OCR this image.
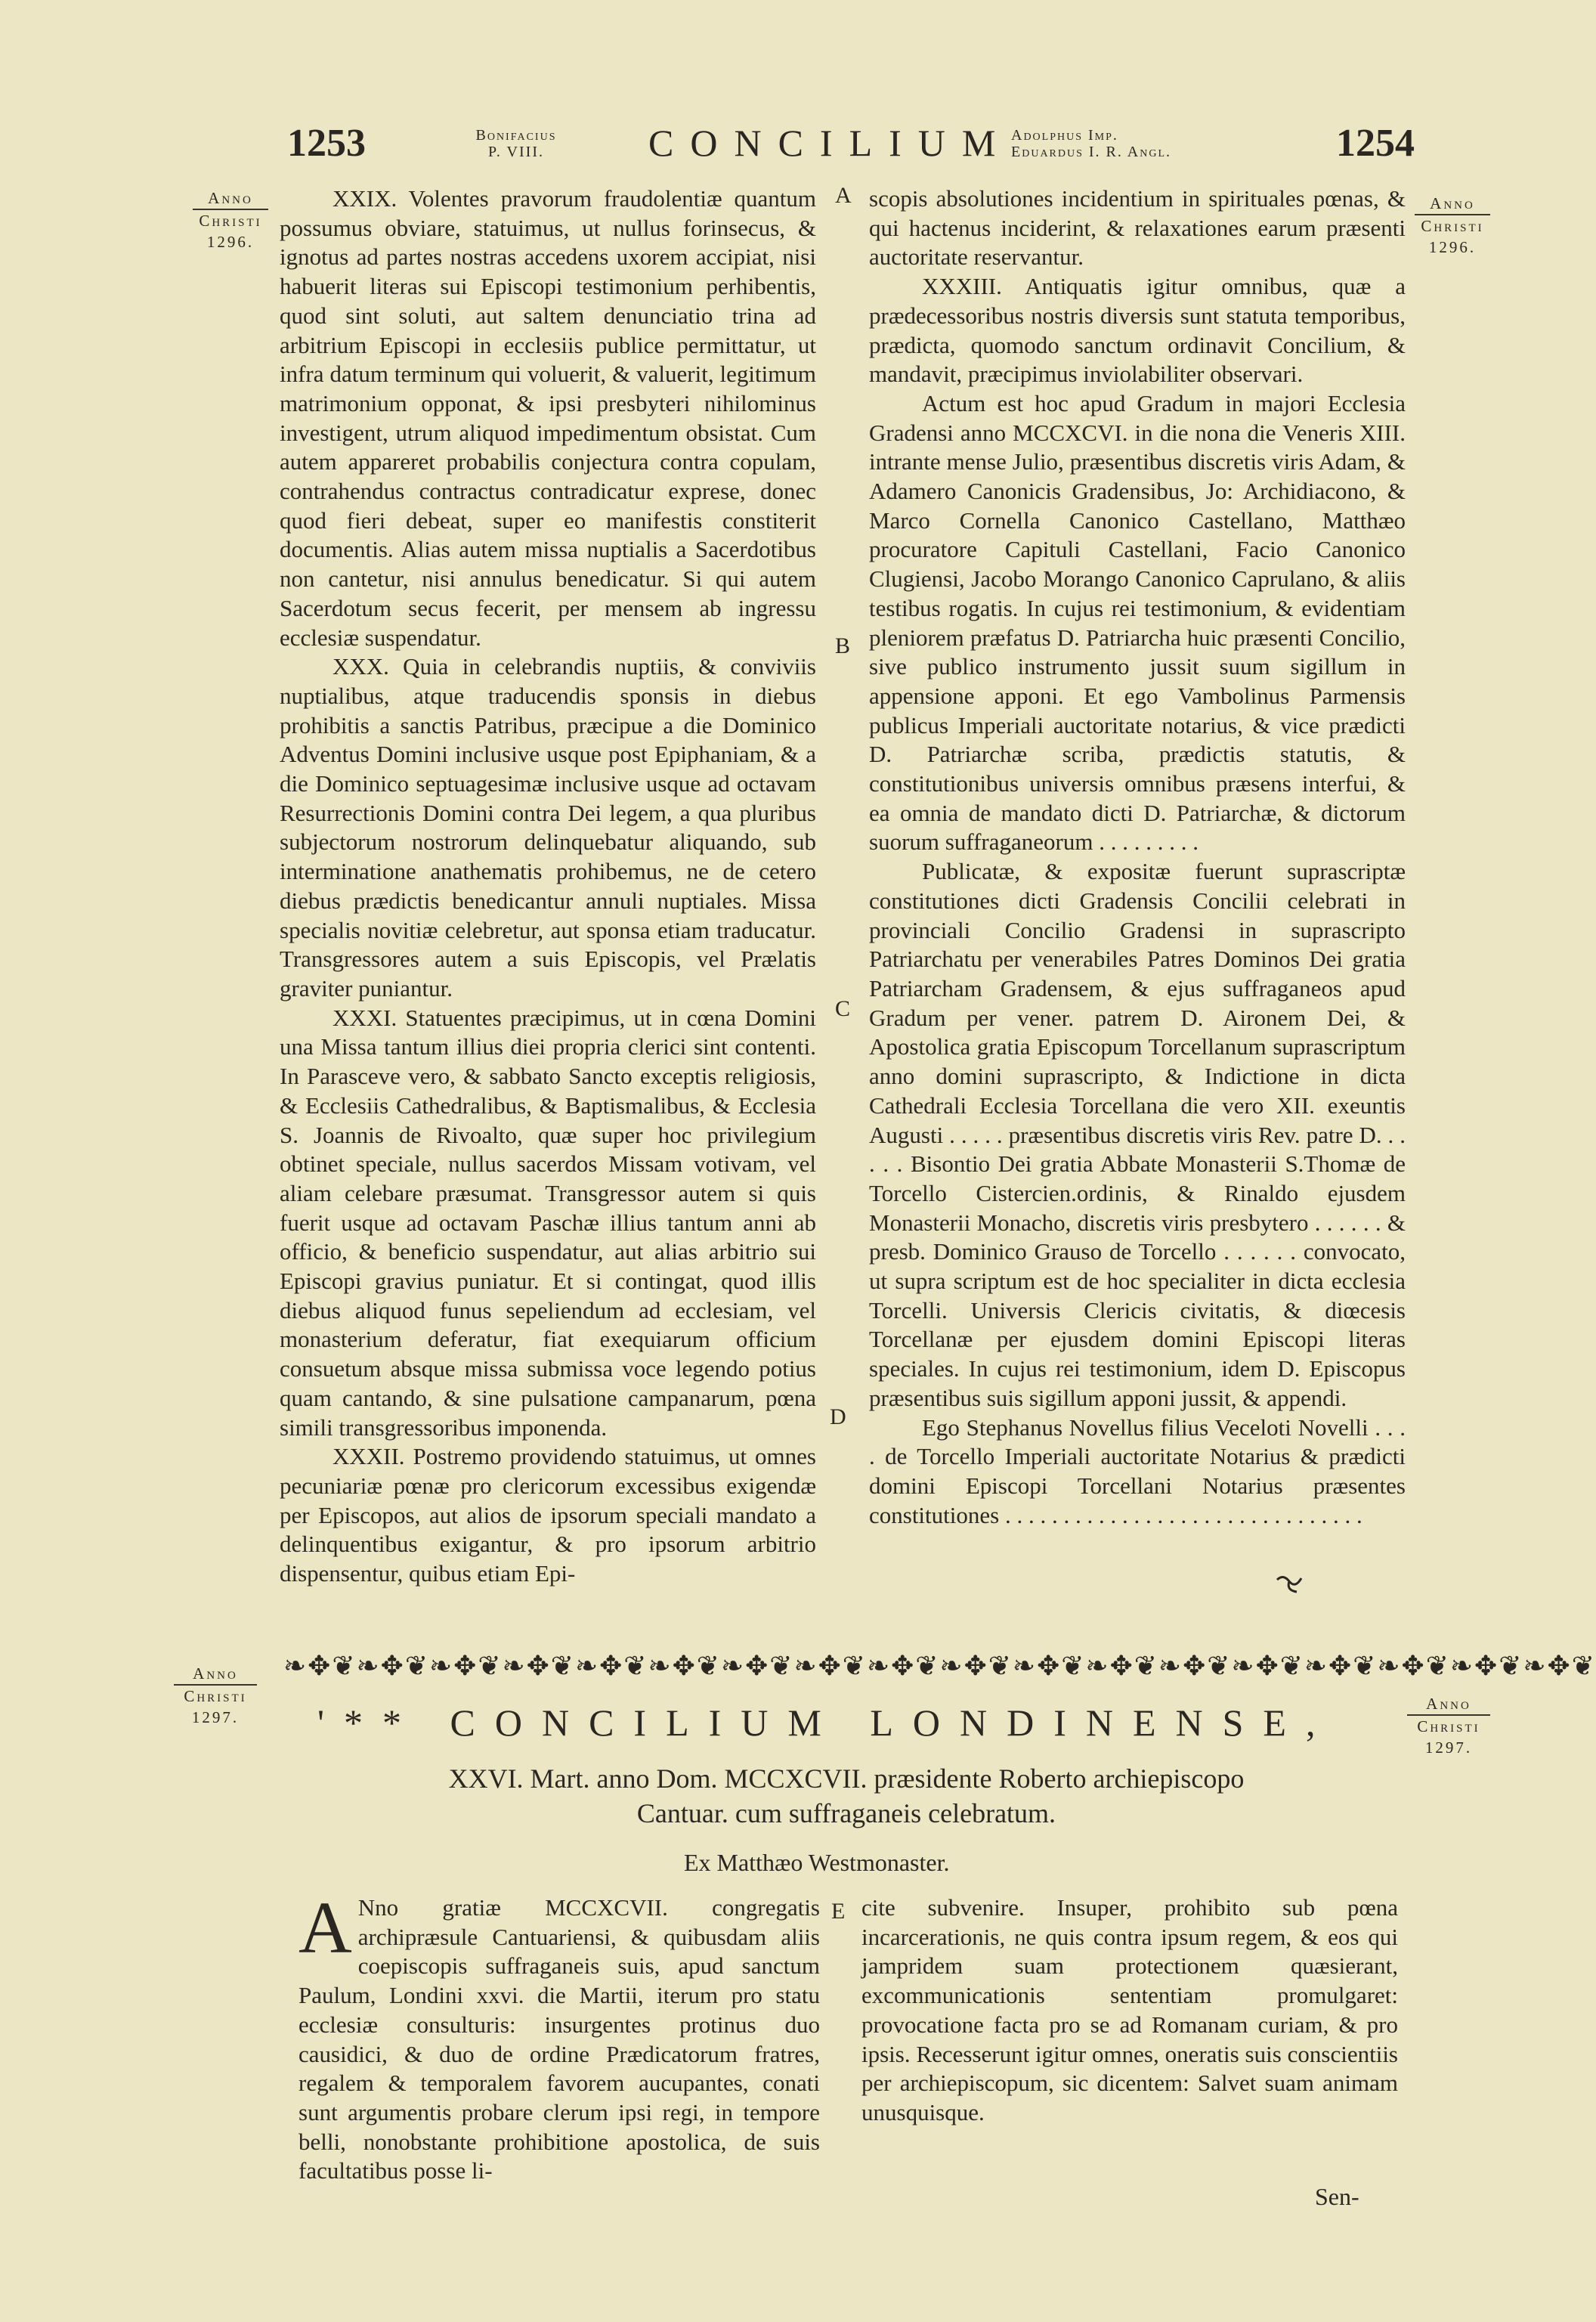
1253	Bonifacius
P. VIII.	CONCILIUM
Adolphus Imp.
Eduardus I. R. Angl.	1254
Anno
Christi
1296.
Anno
Christi
1296.
A
B
C
D
E

XXIX. Volentes pravorum fraudolentiæ quantum possumus obviare, statuimus, ut nullus forinsecus, & ignotus ad partes nostras accedens uxorem accipiat, nisi habuerit literas sui Episcopi testimonium perhibentis, quod sint soluti, aut saltem denunciatio trina ad arbitrium Episcopi in ecclesiis publice permittatur, ut infra datum terminum qui voluerit, & valuerit, legitimum matrimonium opponat, & ipsi presbyteri nihilominus investigent, utrum aliquod impedimentum obsistat. Cum autem appareret probabilis conjectura contra copulam, contrahendus contractus contradicatur exprese, donec quod fieri debeat, super eo manifestis constiterit documentis. Alias autem missa nuptialis a Sacerdotibus non cantetur, nisi annulus benedicatur. Si qui autem Sacerdotum secus fecerit, per mensem ab ingressu ecclesiæ suspendatur.

XXX. Quia in celebrandis nuptiis, & conviviis nuptialibus, atque traducendis sponsis in diebus prohibitis a sanctis Patribus, præcipue a die Dominico Adventus Domini inclusive usque post Epiphaniam, & a die Dominico septuagesimæ inclusive usque ad octavam Resurrectionis Domini contra Dei legem, a qua pluribus subjectorum nostrorum delinquebatur aliquando, sub interminatione anathematis prohibemus, ne de cetero diebus prædictis benedicantur annuli nuptiales. Missa specialis novitiæ celebretur, aut sponsa etiam traducatur. Transgressores autem a suis Episcopis, vel Prælatis graviter puniantur.

XXXI. Statuentes præcipimus, ut in cœna Domini una Missa tantum illius diei propria clerici sint contenti. In Parasceve vero, & sabbato Sancto exceptis religiosis, & Ecclesiis Cathedralibus, & Baptismalibus, & Ecclesia S. Joannis de Rivoalto, quæ super hoc privilegium obtinet speciale, nullus sacerdos Missam votivam, vel aliam celebare præsumat. Transgressor autem si quis fuerit usque ad octavam Paschæ illius tantum anni ab officio, & beneficio suspendatur, aut alias arbitrio sui Episcopi gravius puniatur. Et si contingat, quod illis diebus aliquod funus sepeliendum ad ecclesiam, vel monasterium deferatur, fiat exequiarum officium consuetum absque missa submissa voce legendo potius quam cantando, & sine pulsatione campanarum, pœna simili transgressoribus imponenda.

XXXII. Postremo providendo statuimus, ut omnes pecuniariæ pœnæ pro clericorum excessibus exigendæ per Episcopos, aut alios de ipsorum speciali mandato a delinquentibus exigantur, & pro ipsorum arbitrio dispensentur, quibus etiam Epi-

scopis absolutiones incidentium in spirituales pœnas, & qui hactenus inciderint, & relaxationes earum præsenti auctoritate reservantur.

XXXIII. Antiquatis igitur omnibus, quæ a prædecessoribus nostris diversis sunt statuta temporibus, prædicta, quomodo sanctum ordinavit Concilium, & mandavit, præcipimus inviolabiliter observari.

Actum est hoc apud Gradum in majori Ecclesia Gradensi anno MCCXCVI. in die nona die Veneris XIII. intrante mense Julio, præsentibus discretis viris Adam, & Adamero Canonicis Gradensibus, Jo: Archidiacono, & Marco Cornella Canonico Castellano, Matthæo procuratore Capituli Castellani, Facio Canonico Clugiensi, Jacobo Morango Canonico Caprulano, & aliis testibus rogatis. In cujus rei testimonium, & evidentiam pleniorem præfatus D. Patriarcha huic præsenti Concilio, sive publico instrumento jussit suum sigillum in appensione apponi. Et ego Vambolinus Parmensis publicus Imperiali auctoritate notarius, & vice prædicti D. Patriarchæ scriba, prædictis statutis, & constitutionibus universis omnibus præsens interfui, & ea omnia de mandato dicti D. Patriarchæ, & dictorum suorum suffraganeorum . . . . . . . . .

Publicatæ, & expositæ fuerunt suprascriptæ constitutiones dicti Gradensis Concilii celebrati in provinciali Concilio Gradensi in suprascripto Patriarchatu per venerabiles Patres Dominos Dei gratia Patriarcham Gradensem, & ejus suffraganeos apud Gradum per vener. patrem D. Aironem Dei, & Apostolica gratia Episcopum Torcellanum suprascriptum anno domini suprascripto, & Indictione in dicta Cathedrali Ecclesia Torcellana die vero XII. exeuntis Augusti . . . . . præsentibus discretis viris Rev. patre D. . . . . . Bisontio Dei gratia Abbate Monasterii S.Thomæ de Torcello Cistercien.ordinis, & Rinaldo ejusdem Monasterii Monacho, discretis viris presbytero . . . . . . & presb. Dominico Grauso de Torcello . . . . . . convocato, ut supra scriptum est de hoc specialiter in dicta ecclesia Torcelli. Universis Clericis civitatis, & diœcesis Torcellanæ per ejusdem domini Episcopi literas speciales. In cujus rei testimonium, idem D. Episcopus præsentibus suis sigillum apponi jussit, & appendi.

Ego Stephanus Novellus filius Veceloti Novelli . . . . de Torcello Imperiali auctoritate Notarius & prædicti domini Episcopi Torcellani Notarius præsentes constitutiones . . . . . . . . . . . . . . . . . . . . . . . . . . . . . . .

❧✥❦❧✥❦❧✥❦❧✥❦❧✥❦❧✥❦❧✥❦❧✥❦❧✥❦❧✥❦❧✥❦❧✥❦❧✥❦❧✥❦❧✥❦❧✥❦❧✥❦❧✥❦
Anno
Christi
1297.
Anno
Christi
1297.
'** CONCILIUM LONDINENSE,
XXVI. Mart. anno Dom. MCCXCVII. præsidente Roberto archiepiscopo
Cantuar. cum suffraganeis celebratum.
Ex Matthæo Westmonaster.

A Nno gratiæ MCCXCVII. congregatis archipræsule Cantuariensi, & quibusdam aliis coepiscopis suffraganeis suis, apud sanctum Paulum, Londini xxvi. die Martii, iterum pro statu ecclesiæ consulturis: insurgentes protinus duo causidici, & duo de ordine Prædicatorum fratres, regalem & temporalem favorem aucupantes, conati sunt argumentis probare clerum ipsi regi, in tempore belli, nonobstante prohibitione apostolica, de suis facultatibus posse li-

cite subvenire. Insuper, prohibito sub pœna incarcerationis, ne quis contra ipsum regem, & eos qui jampridem suam protectionem quæsierant, excommunicationis sententiam promulgaret: provocatione facta pro se ad Romanam curiam, & pro ipsis. Recesserunt igitur omnes, oneratis suis conscientiis per archiepiscopum, sic dicentem: Salvet suam animam unusquisque.

Sen-
